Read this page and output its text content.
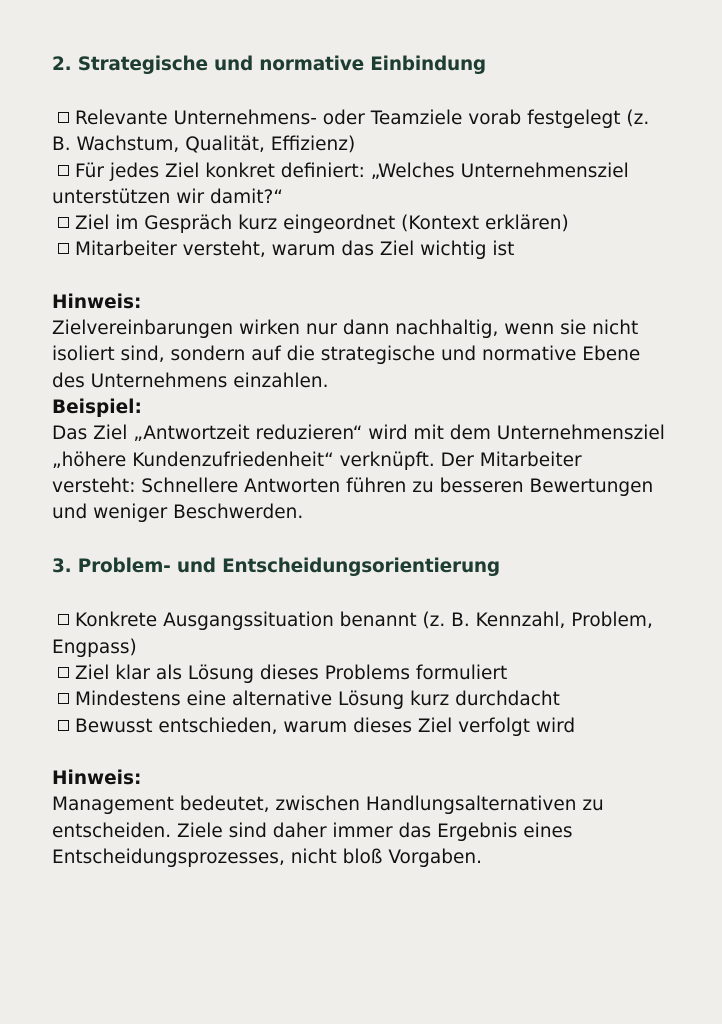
2. Strategische und normative Einbindung
Relevante Unternehmens- oder Teamziele vorab festgelegt (z. B. Wachstum, Qualität, Effizienz)
Für jedes Ziel konkret definiert: „Welches Unternehmensziel unterstützen wir damit?“
Ziel im Gespräch kurz eingeordnet (Kontext erklären)
Mitarbeiter versteht, warum das Ziel wichtig ist

Hinweis:

Zielvereinbarungen wirken nur dann nachhaltig, wenn sie nicht isoliert sind, sondern auf die strategische und normative Ebene des Unternehmens einzahlen.

Beispiel:

Das Ziel „Antwortzeit reduzieren“ wird mit dem Unternehmensziel „höhere Kundenzufriedenheit“ verknüpft. Der Mitarbeiter versteht: Schnellere Antworten führen zu besseren Bewertungen und weniger Beschwerden.

3. Problem- und Entscheidungsorientierung
Konkrete Ausgangssituation benannt (z. B. Kennzahl, Problem, Engpass)
Ziel klar als Lösung dieses Problems formuliert
Mindestens eine alternative Lösung kurz durchdacht
Bewusst entschieden, warum dieses Ziel verfolgt wird

Hinweis:

Management bedeutet, zwischen Handlungsalternativen zu entscheiden. Ziele sind daher immer das Ergebnis eines Entscheidungsprozesses, nicht bloß Vorgaben.
